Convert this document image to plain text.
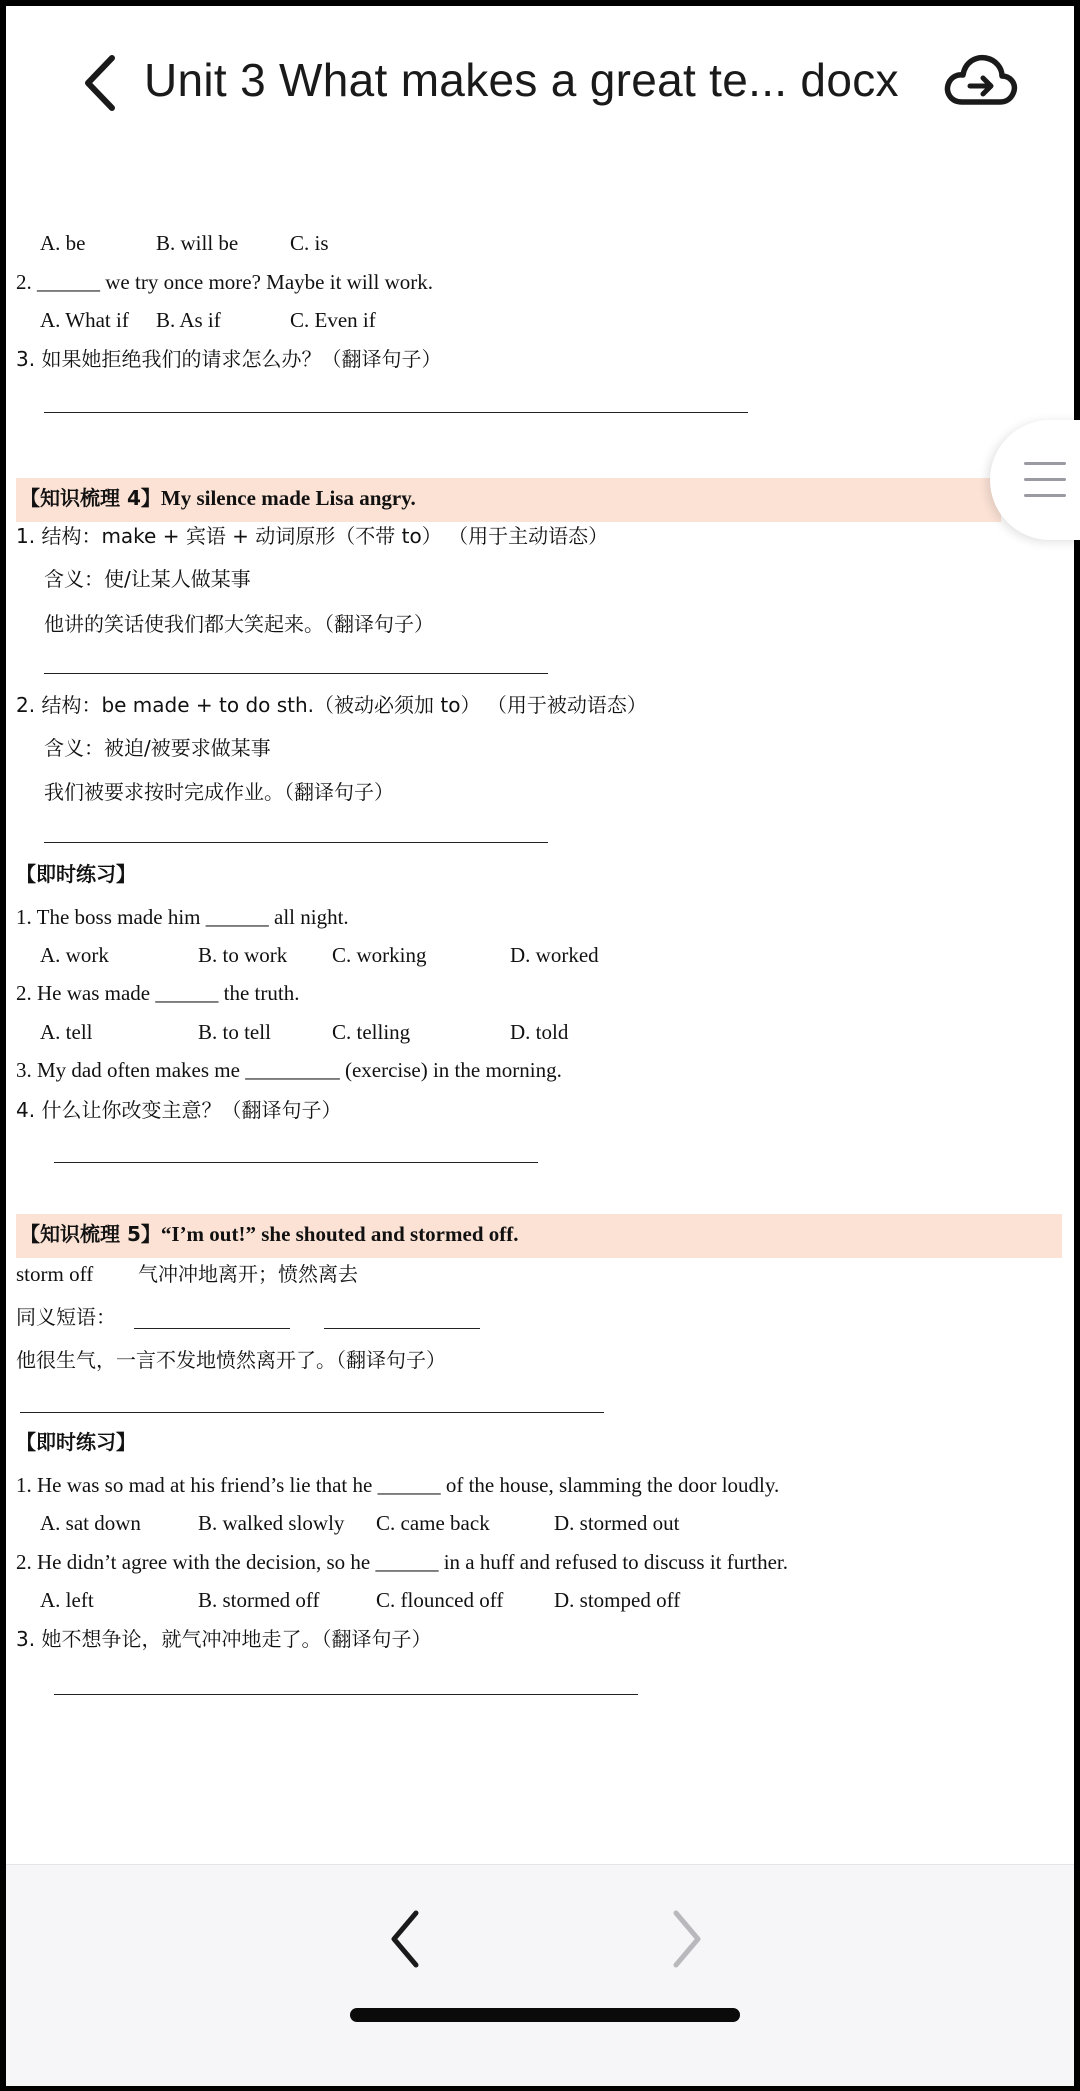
Unit 3 What makes a great te... docx
A. be	B. will be C. is
2. ______ we try once more? Maybe it will work.
A. What if B. As if	C. Even if
3. 如果她拒绝我们的请求怎么办？（翻译句子）
【知识梳理 4】My silence made Lisa angry.
1. 结构：make + 宾语 + 动词原形（不带 to） （用于主动语态）
含义：使/让某人做某事
他讲的笑话使我们都大笑起来。（翻译句子）
2. 结构：be made + to do sth.（被动必须加 to） （用于被动语态）
含义：被迫/被要求做某事
我们被要求按时完成作业。（翻译句子）
【即时练习】
1. The boss made him ______ all night.
A. work	B. to work C. working	D. worked
2. He was made ______ the truth.
A. tell	B. to tell	C. telling	D. told
3. My dad often makes me _________ (exercise) in the morning.
4. 什么让你改变主意？（翻译句子）
【知识梳理 5】“I’m out!” she shouted and stormed off.
storm off 气冲冲地离开；愤然离去
同义短语：
他很生气，一言不发地愤然离开了。（翻译句子）
【即时练习】
1. He was so mad at his friend’s lie that he ______ of the house, slamming the door loudly.
A. sat down	B. walked slowly C. came back	D. stormed out
2. He didn’t agree with the decision, so he ______ in a huff and refused to discuss it further.
A. left	B. stormed off	C. flounced off D. stomped off
3. 她不想争论，就气冲冲地走了。（翻译句子）
